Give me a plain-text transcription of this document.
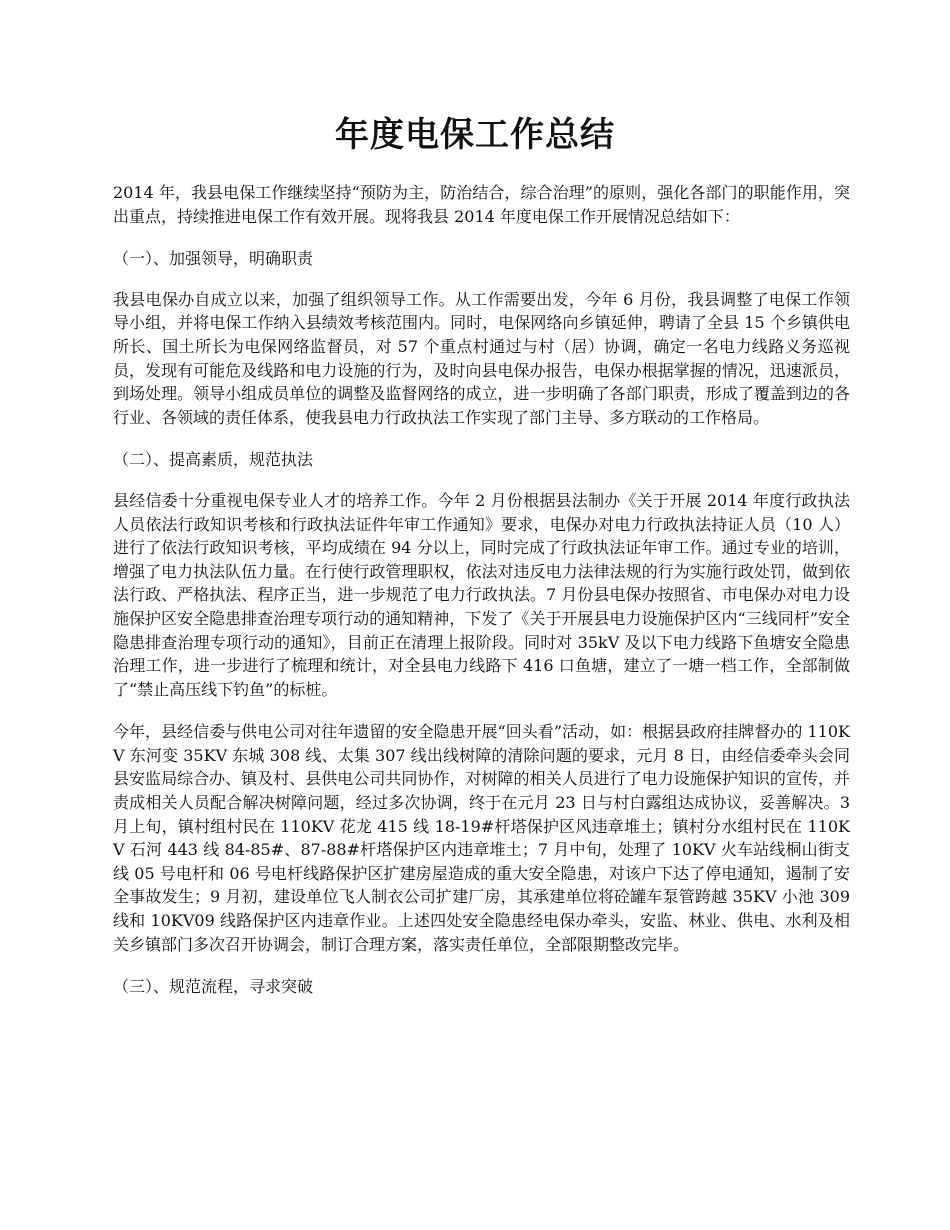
年度电保工作总结

2014 年，我县电保工作继续坚持“预防为主，防治结合，综合治理”的原则，强化各部门的职能作用，突出重点，持续推进电保工作有效开展。现将我县 2014 年度电保工作开展情况总结如下：

（一）、加强领导，明确职责

我县电保办自成立以来，加强了组织领导工作。从工作需要出发，今年 6 月份，我县调整了电保工作领导小组，并将电保工作纳入县绩效考核范围内。同时，电保网络向乡镇延伸，聘请了全县 15 个乡镇供电所长、国土所长为电保网络监督员，对 57 个重点村通过与村（居）协调，确定一名电力线路义务巡视员，发现有可能危及线路和电力设施的行为，及时向县电保办报告，电保办根据掌握的情况，迅速派员，到场处理。领导小组成员单位的调整及监督网络的成立，进一步明确了各部门职责，形成了覆盖到边的各行业、各领域的责任体系，使我县电力行政执法工作实现了部门主导、多方联动的工作格局。

（二）、提高素质，规范执法

县经信委十分重视电保专业人才的培养工作。今年 2 月份根据县法制办《关于开展 2014 年度行政执法人员依法行政知识考核和行政执法证件年审工作通知》要求，电保办对电力行政执法持证人员（10 人）进行了依法行政知识考核，平均成绩在 94 分以上，同时完成了行政执法证年审工作。通过专业的培训，增强了电力执法队伍力量。在行使行政管理职权，依法对违反电力法律法规的行为实施行政处罚，做到依法行政、严格执法、程序正当，进一步规范了电力行政执法。7 月份县电保办按照省、市电保办对电力设施保护区安全隐患排查治理专项行动的通知精神，下发了《关于开展县电力设施保护区内“三线同杆”安全隐患排查治理专项行动的通知》，目前正在清理上报阶段。同时对 35kV 及以下电力线路下鱼塘安全隐患治理工作，进一步进行了梳理和统计，对全县电力线路下 416 口鱼塘，建立了一塘一档工作，全部制做了“禁止高压线下钓鱼”的标桩。

今年，县经信委与供电公司对往年遗留的安全隐患开展“回头看”活动，如：根据县政府挂牌督办的 110KV 东河变 35KV 东城 308 线、太集 307 线出线树障的清除问题的要求，元月 8 日，由经信委牵头会同县安监局综合办、镇及村、县供电公司共同协作，对树障的相关人员进行了电力设施保护知识的宣传，并责成相关人员配合解决树障问题，经过多次协调，终于在元月 23 日与村白露组达成协议，妥善解决。3 月上旬，镇村组村民在 110KV 花龙 415 线 18-19#杆塔保护区风违章堆土；镇村分水组村民在 110KV 石河 443 线 84-85#、87-88#杆塔保护区内违章堆土；7 月中旬，处理了 10KV 火车站线桐山街支线 05 号电杆和 06 号电杆线路保护区扩建房屋造成的重大安全隐患，对该户下达了停电通知，遏制了安全事故发生；9 月初，建设单位飞人制衣公司扩建厂房，其承建单位将砼罐车泵管跨越 35KV 小池 309 线和 10KV09 线路保护区内违章作业。上述四处安全隐患经电保办牵头，安监、林业、供电、水利及相关乡镇部门多次召开协调会，制订合理方案，落实责任单位，全部限期整改完毕。

（三）、规范流程，寻求突破
